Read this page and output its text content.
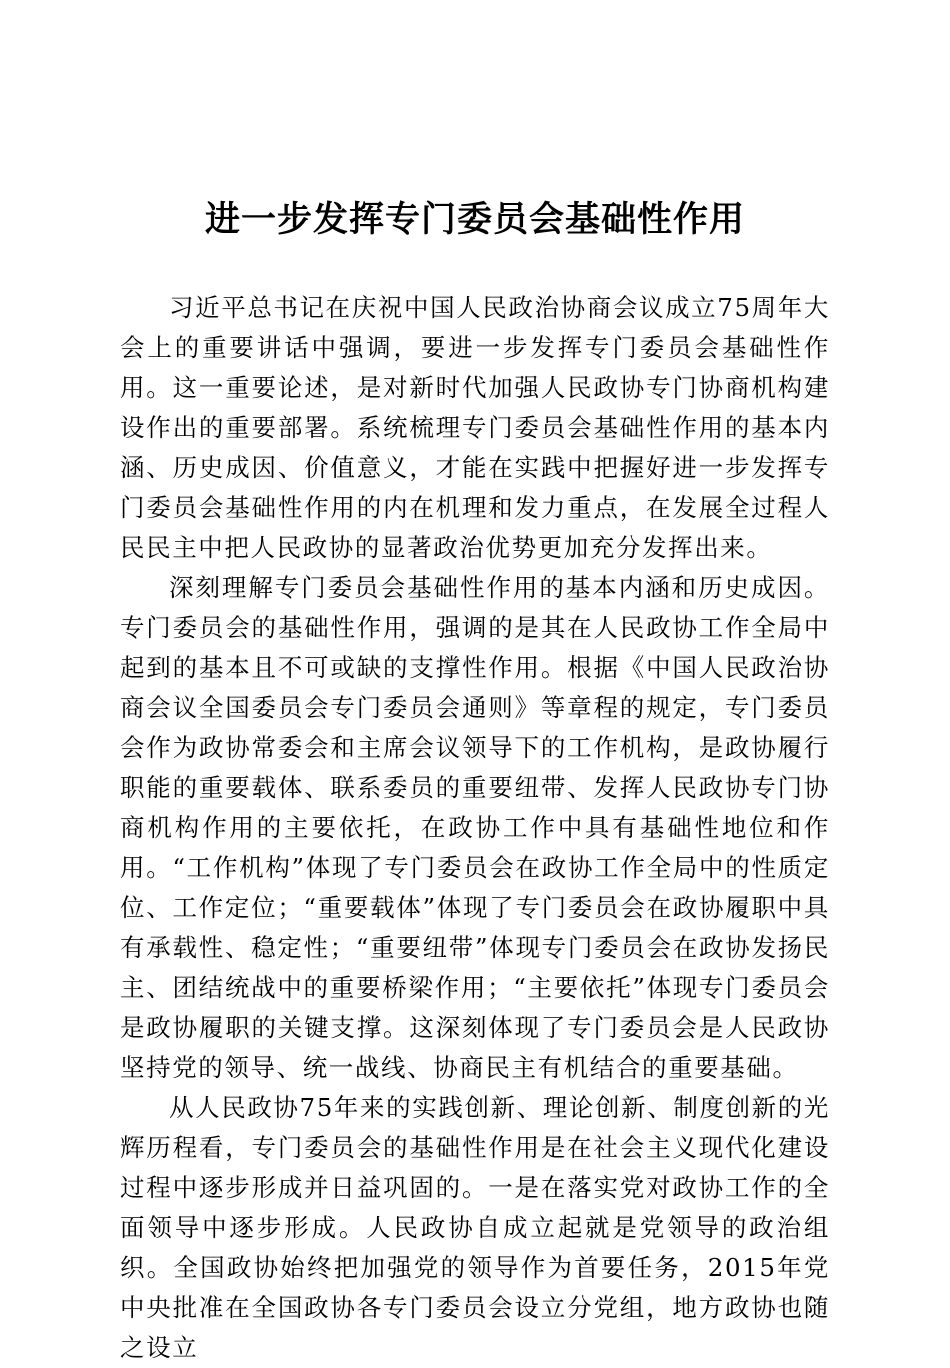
进一步发挥专门委员会基础性作用

习近平总书记在庆祝中国人民政治协商会议成立75周年大会上的重要讲话中强调，要进一步发挥专门委员会基础性作用。这一重要论述，是对新时代加强人民政协专门协商机构建设作出的重要部署。系统梳理专门委员会基础性作用的基本内涵、历史成因、价值意义，才能在实践中把握好进一步发挥专门委员会基础性作用的内在机理和发力重点，在发展全过程人民民主中把人民政协的显著政治优势更加充分发挥出来。

深刻理解专门委员会基础性作用的基本内涵和历史成因。专门委员会的基础性作用，强调的是其在人民政协工作全局中起到的基本且不可或缺的支撑性作用。根据《中国人民政治协商会议全国委员会专门委员会通则》等章程的规定，专门委员会作为政协常委会和主席会议领导下的工作机构，是政协履行职能的重要载体、联系委员的重要纽带、发挥人民政协专门协商机构作用的主要依托，在政协工作中具有基础性地位和作用。“工作机构”体现了专门委员会在政协工作全局中的性质定位、工作定位；“重要载体”体现了专门委员会在政协履职中具有承载性、稳定性；“重要纽带”体现专门委员会在政协发扬民主、团结统战中的重要桥梁作用；“主要依托”体现专门委员会是政协履职的关键支撑。这深刻体现了专门委员会是人民政协坚持党的领导、统一战线、协商民主有机结合的重要基础。

从人民政协75年来的实践创新、理论创新、制度创新的光辉历程看，专门委员会的基础性作用是在社会主义现代化建设过程中逐步形成并日益巩固的。一是在落实党对政协工作的全面领导中逐步形成。人民政协自成立起就是党领导的政治组织。全国政协始终把加强党的领导作为首要任务，2015年党中央批准在全国政协各专门委员会设立分党组，地方政协也随之设立
